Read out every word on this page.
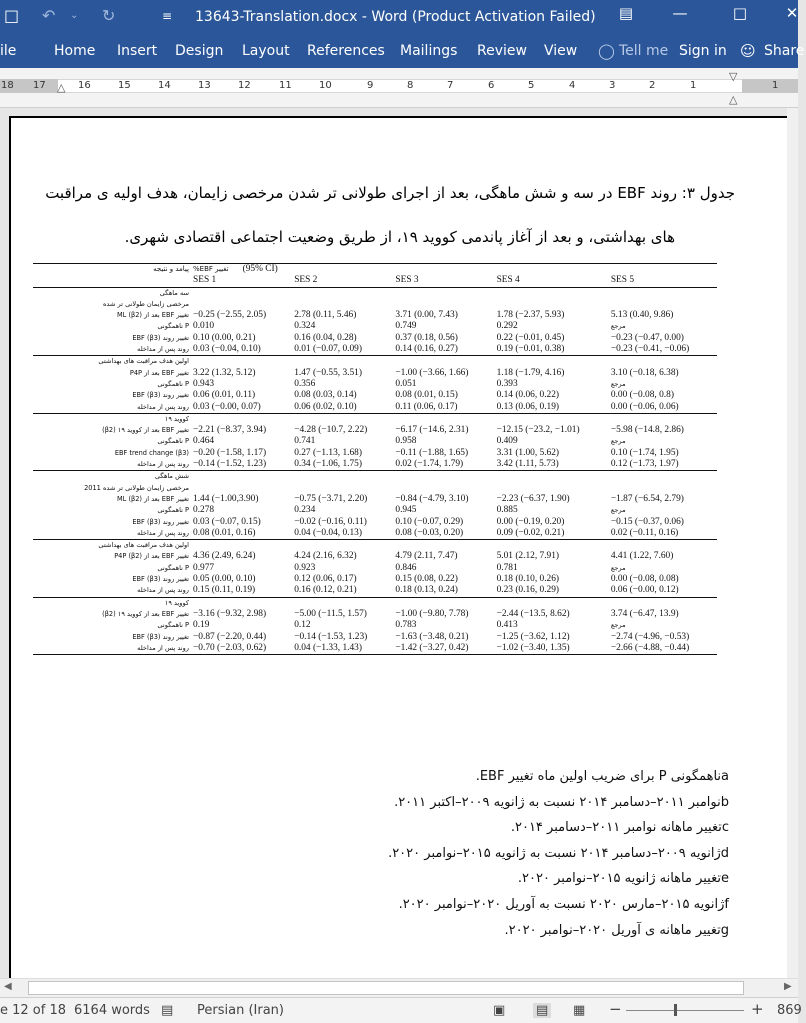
□ ↶ ⌄ ↻	≡ 13643-Translation.docx - Word (Product Activation Failed)	▤	—	□	✕
ile	Home Insert Design Layout References Mailings Review View ◯ Tell me Sign in ☺ Share
18 17	16	15	14	13	12	11	10	9	8	7	6	5	4	3	2	1	1
△
▽
△
جدول ۳: روند EBF در سه و شش ماهگی، بعد از اجرای طولانی تر شدن مرخصی زایمان، هدف اولیه ی مراقبت
های بهداشتی، و بعد از آغاز پاندمی کووید ۱۹، از طریق وضعیت اجتماعی اقتصادی شهری.
پیامد و نتیجه	%EBF تغییر (95% CI)				
	SES 1	SES 2	SES 3	SES 4	SES 5
سه ماهگی					
مرخصی زایمان طولانی تر شده					
تغییر EBF بعد از ML (β2)	−0.25 (−2.55, 2.05)	2.78 (0.11, 5.46)	3.71 (0.00, 7.43)	1.78 (−2.37, 5.93)	5.13 (0.40, 9.86)
P ناهمگونی	0.010	0.324	0.749	0.292	مرجع
تغییر روند EBF (β3)	0.10 (0.00, 0.21)	0.16 (0.04, 0.28)	0.37 (0.18, 0.56)	0.22 (−0.01, 0.45)	−0.23 (−0.47, 0.00)
روند پس از مداخله	0.03 (−0.04, 0.10)	0.01 (−0.07, 0.09)	0.14 (0.16, 0.27)	0.19 (−0.01, 0.38)	−0.23 (−0.41, −0.06)
اولین هدف مراقبت های بهداشتی					
تغییر EBF بعد از P4P	3.22 (1.32, 5.12)	1.47 (−0.55, 3.51)	−1.00 (−3.66, 1.66)	1.18 (−1.79, 4.16)	3.10 (−0.18, 6.38)
P ناهمگونی	0.943	0.356	0.051	0.393	مرجع
تغییر روند EBF (β3)	0.06 (0.01, 0.11)	0.08 (0.03, 0.14)	0.08 (0.01, 0.15)	0.14 (0.06, 0.22)	0.00 (−0.08, 0.8)
روند پس از مداخله	0.03 (−0.00, 0.07)	0.06 (0.02, 0.10)	0.11 (0.06, 0.17)	0.13 (0.06, 0.19)	0.00 (−0.06, 0.06)
کووید ۱۹					
تغییر EBF بعد از کووید ۱۹ (β2)	−2.21 (−8.37, 3.94)	−4.28 (−10.7, 2.22)	−6.17 (−14.6, 2.31)	−12.15 (−23.2, −1.01)	−5.98 (−14.8, 2.86)
P ناهمگونی	0.464	0.741	0.958	0.409	مرجع
EBF trend change (β3)	−0.20 (−1.58, 1.17)	0.27 (−1.13, 1.68)	−0.11 (−1.88, 1.65)	3.31 (1.00, 5.62)	0.10 (−1.74, 1.95)
روند پس از مداخله	−0.14 (−1.52, 1.23)	0.34 (−1.06, 1.75)	0.02 (−1.74, 1.79)	3.42 (1.11, 5.73)	0.12 (−1.73, 1.97)
شش ماهگی					
مرخصی زایمان طولانی تر شده 2011					
تغییر EBF بعد از ML (β2)	1.44 (−1.00,3.90)	−0.75 (−3.71, 2.20)	−0.84 (−4.79, 3.10)	−2.23 (−6.37, 1.90)	−1.87 (−6.54, 2.79)
P ناهمگونی	0.278	0.234	0.945	0.885	مرجع
تغییر روند EBF (β3)	0.03 (−0.07, 0.15)	−0.02 (−0.16, 0.11)	0.10 (−0.07, 0.29)	0.00 (−0.19, 0.20)	−0.15 (−0.37, 0.06)
روند پس از مداخله	0.08 (0.01, 0.16)	0.04 (−0.04, 0.13)	0.08 (−0.03, 0.20)	0.09 (−0.02, 0.21)	0.02 (−0.11, 0.16)
اولین هدف مراقبت های بهداشتی					
تغییر EBF بعد از P4P (β2)	4.36 (2.49, 6.24)	4.24 (2.16, 6.32)	4.79 (2.11, 7.47)	5.01 (2.12, 7.91)	4.41 (1.22, 7.60)
P ناهمگونی	0.977	0.923	0.846	0.781	مرجع
تغییر روند EBF (β3)	0.05 (0.00, 0.10)	0.12 (0.06, 0.17)	0.15 (0.08, 0.22)	0.18 (0.10, 0.26)	0.00 (−0.08, 0.08)
روند پس از مداخله	0.15 (0.11, 0.19)	0.16 (0.12, 0.21)	0.18 (0.13, 0.24)	0.23 (0.16, 0.29)	0.06 (−0.00, 0.12)
کووید ۱۹					
تغییر EBF بعد از کووید ۱۹ (β2)	−3.16 (−9.32, 2.98)	−5.00 (−11.5, 1.57)	−1.00 (−9.80, 7.78)	−2.44 (−13.5, 8.62)	3.74 (−6.47, 13.9)
P ناهمگونی	0.19	0.12	0.783	0.413	مرجع
تغییر روند EBF (β3)	−0.87 (−2.20, 0.44)	−0.14 (−1.53, 1.23)	−1.63 (−3.48, 0.21)	−1.25 (−3.62, 1.12)	−2.74 (−4.96, −0.53)
روند پس از مداخله	−0.70 (−2.03, 0.62)	0.04 (−1.33, 1.43)	−1.42 (−3.27, 0.42)	−1.02 (−3.40, 1.35)	−2.66 (−4.88, −0.44)
aناهمگونی P برای ضریب اولین ماه تغییر EBF.
bنوامبر ۲۰۱۱–دسامبر ۲۰۱۴ نسبت به ژانویه ۲۰۰۹–اکتبر ۲۰۱۱.
cتغییر ماهانه نوامبر ۲۰۱۱–دسامبر ۲۰۱۴.
dژانویه ۲۰۰۹–دسامبر ۲۰۱۴ نسبت به ژانویه ۲۰۱۵–نوامبر ۲۰۲۰.
eتغییر ماهانه ژانویه ۲۰۱۵–نوامبر ۲۰۲۰.
fژانویه ۲۰۱۵–مارس ۲۰۲۰ نسبت به آوریل ۲۰۲۰–نوامبر ۲۰۲۰.
gتغییر ماهانه ی آوریل ۲۰۲۰–نوامبر ۲۰۲۰.
◀	▶
e 12 of 18 6164 words ▤ Persian (Iran)	▣ ▤ ▦ −	+ 869
